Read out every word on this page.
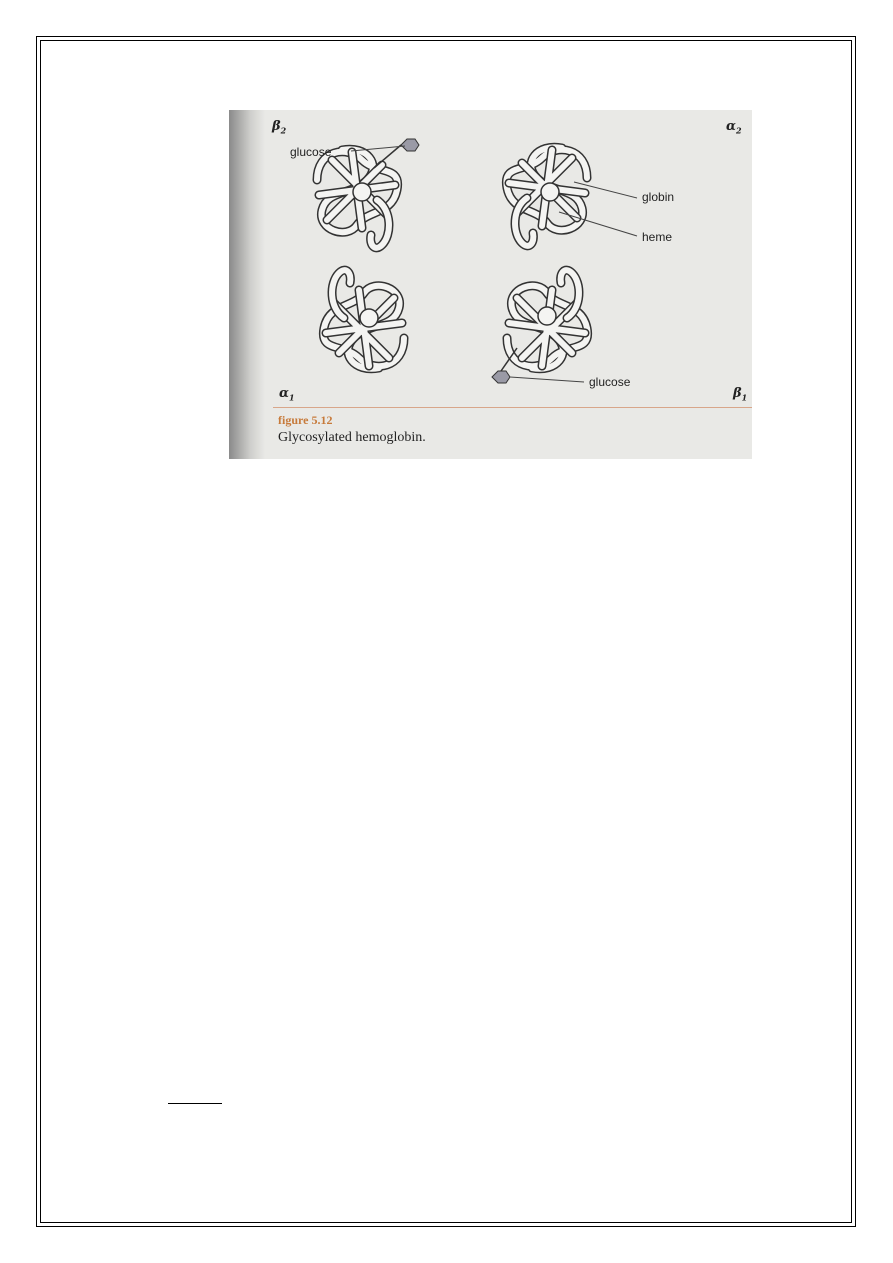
$\beta_2$	$\alpha_2$
$\alpha_1$	$\beta_1$
glucose
globin
heme
glucose
figure 5.12
Glycosylated hemoglobin.
